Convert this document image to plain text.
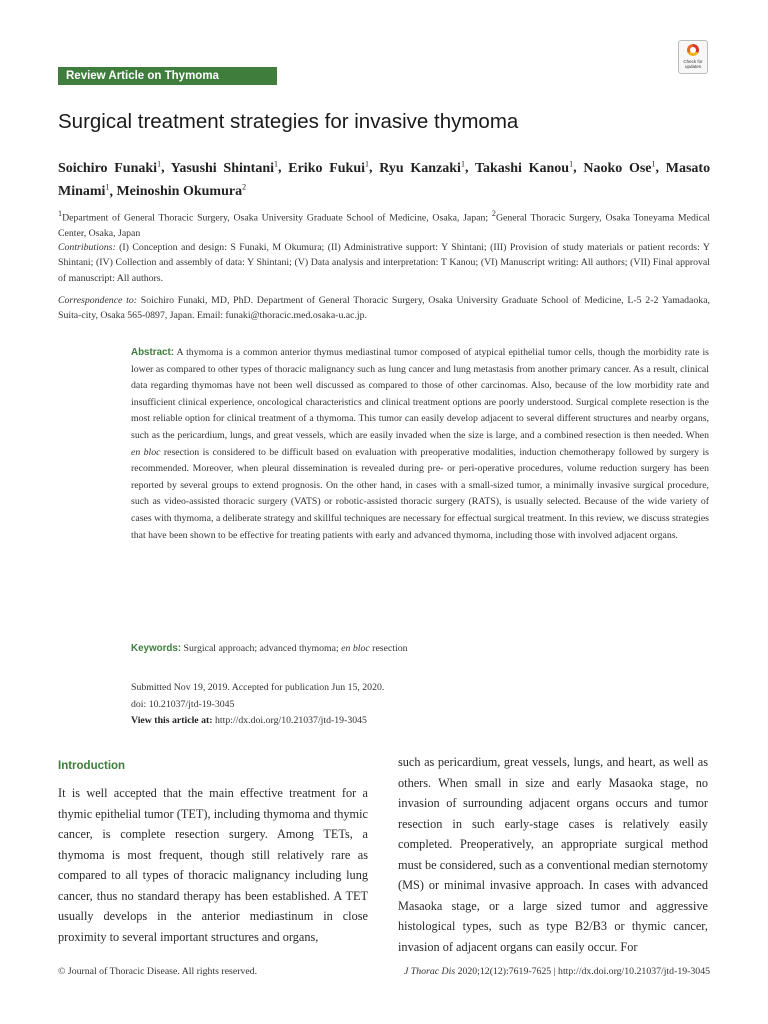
Review Article on Thymoma
Check for updates
Surgical treatment strategies for invasive thymoma
Soichiro Funaki$^1$, Yasushi Shintani$^1$, Eriko Fukui$^1$, Ryu Kanzaki$^1$, Takashi Kanou$^1$, Naoko Ose$^1$, Masato Minami$^1$, Meinoshin Okumura$^2$
$^1$Department of General Thoracic Surgery, Osaka University Graduate School of Medicine, Osaka, Japan; $^2$General Thoracic Surgery, Osaka Toneyama Medical Center, Osaka, Japan
Contributions: (I) Conception and design: S Funaki, M Okumura; (II) Administrative support: Y Shintani; (III) Provision of study materials or patient records: Y Shintani; (IV) Collection and assembly of data: Y Shintani; (V) Data analysis and interpretation: T Kanou; (VI) Manuscript writing: All authors; (VII) Final approval of manuscript: All authors.
Correspondence to: Soichiro Funaki, MD, PhD. Department of General Thoracic Surgery, Osaka University Graduate School of Medicine, L-5 2-2 Yamadaoka, Suita-city, Osaka 565-0897, Japan. Email: funaki@thoracic.med.osaka-u.ac.jp.
Abstract: A thymoma is a common anterior thymus mediastinal tumor composed of atypical epithelial tumor cells, though the morbidity rate is lower as compared to other types of thoracic malignancy such as lung cancer and lung metastasis from another primary cancer. As a result, clinical data regarding thymomas have not been well discussed as compared to those of other carcinomas. Also, because of the low morbidity rate and insufficient clinical experience, oncological characteristics and clinical treatment options are poorly understood. Surgical complete resection is the most reliable option for clinical treatment of a thymoma. This tumor can easily develop adjacent to several different structures and nearby organs, such as the pericardium, lungs, and great vessels, which are easily invaded when the size is large, and a combined resection is then needed. When en bloc resection is considered to be difficult based on evaluation with preoperative modalities, induction chemotherapy followed by surgery is recommended. Moreover, when pleural dissemination is revealed during pre- or peri-operative procedures, volume reduction surgery has been reported by several groups to extend prognosis. On the other hand, in cases with a small-sized tumor, a minimally invasive surgical procedure, such as video-assisted thoracic surgery (VATS) or robotic-assisted thoracic surgery (RATS), is usually selected. Because of the wide variety of cases with thymoma, a deliberate strategy and skillful techniques are necessary for effectual surgical treatment. In this review, we discuss strategies that have been shown to be effective for treating patients with early and advanced thymoma, including those with involved adjacent organs.
Keywords: Surgical approach; advanced thymoma; en bloc resection
Submitted Nov 19, 2019. Accepted for publication Jun 15, 2020.
doi: 10.21037/jtd-19-3045
View this article at: http://dx.doi.org/10.21037/jtd-19-3045
Introduction
It is well accepted that the main effective treatment for a thymic epithelial tumor (TET), including thymoma and thymic cancer, is complete resection surgery. Among TETs, a thymoma is most frequent, though still relatively rare as compared to all types of thoracic malignancy including lung cancer, thus no standard therapy has been established. A TET usually develops in the anterior mediastinum in close proximity to several important structures and organs,
such as pericardium, great vessels, lungs, and heart, as well as others. When small in size and early Masaoka stage, no invasion of surrounding adjacent organs occurs and tumor resection in such early-stage cases is relatively easily completed. Preoperatively, an appropriate surgical method must be considered, such as a conventional median sternotomy (MS) or minimal invasive approach. In cases with advanced Masaoka stage, or a large sized tumor and aggressive histological types, such as type B2/B3 or thymic cancer, invasion of adjacent organs can easily occur. For
© Journal of Thoracic Disease. All rights reserved.	J Thorac Dis 2020;12(12):7619-7625 | http://dx.doi.org/10.21037/jtd-19-3045
